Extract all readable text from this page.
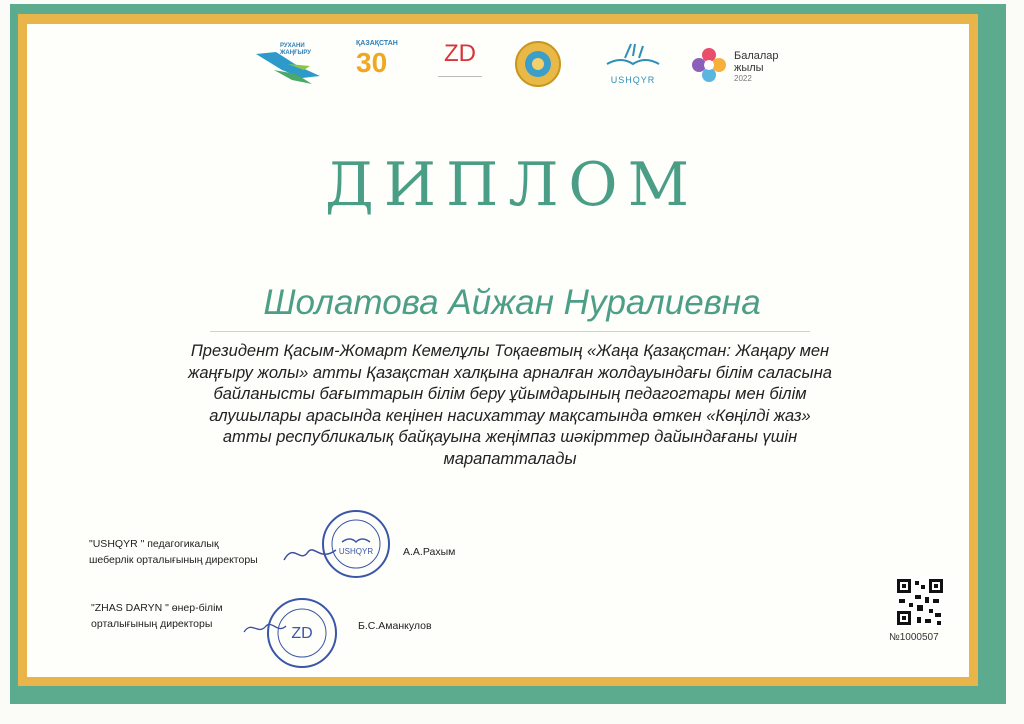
РУХАНИ ЖАҢҒЫРУ
ҚАЗАҚСТАН
30	ZD
USHQYR
Балалар
жылы
2022
ДИПЛОМ
Шолатова Айжан Нуралиевна
Президент Қасым-Жомарт Кемелұлы Тоқаевтың «Жаңа Қазақстан: Жаңару мен
жаңғыру жолы» атты Қазақстан халқына арналған жолдауындағы білім саласына
байланысты бағыттарын білім беру ұйымдарының педагогтары мен білім
алушылары арасында кеңінен насихаттау мақсатында өткен «Көңілді жаз»
атты республикалық байқауына жеңімпаз шәкірттер дайындағаны үшін
марапатталады
"USHQYR " педагогикалық
шеберлік орталығының директоры
USHQYR	А.А.Рахым
"ZHAS DARYN " өнер-білім
орталығының директоры
ZD	Б.С.Аманкулов
№1000507
